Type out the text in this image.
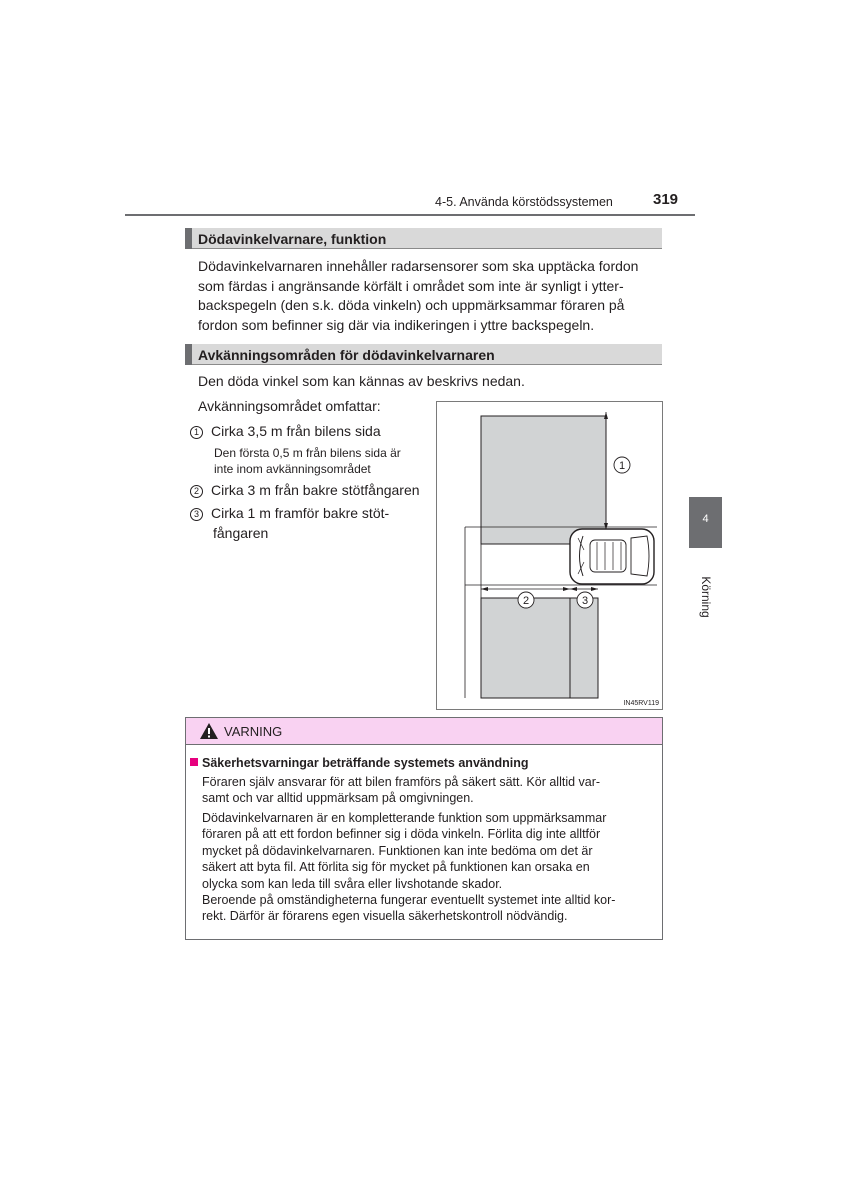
4-5. Använda körstödssystemen	319
Dödavinkelvarnare, funktion
Dödavinkelvarnaren innehåller radarsensorer som ska upptäcka fordon
som färdas i angränsande körfält i området som inte är synligt i ytter-
backspegeln (den s.k. döda vinkeln) och uppmärksammar föraren på
fordon som befinner sig där via indikeringen i yttre backspegeln.
Avkänningsområden för dödavinkelvarnaren
Den döda vinkel som kan kännas av beskrivs nedan.
Avkänningsområdet omfattar:
1 Cirka 3,5 m från bilens sida
Den första 0,5 m från bilens sida är
inte inom avkänningsområdet
2 Cirka 3 m från bakre stötfångaren
3 Cirka 1 m framför bakre stöt-
fångaren
1
2	3
IN45RV119
4
Körning
VARNING
Säkerhetsvarningar beträffande systemets användning
Föraren själv ansvarar för att bilen framförs på säkert sätt. Kör alltid var-
samt och var alltid uppmärksam på omgivningen.
Dödavinkelvarnaren är en kompletterande funktion som uppmärksammar
föraren på att ett fordon befinner sig i döda vinkeln. Förlita dig inte alltför
mycket på dödavinkelvarnaren. Funktionen kan inte bedöma om det är
säkert att byta fil. Att förlita sig för mycket på funktionen kan orsaka en
olycka som kan leda till svåra eller livshotande skador.
Beroende på omständigheterna fungerar eventuellt systemet inte alltid kor-
rekt. Därför är förarens egen visuella säkerhetskontroll nödvändig.
